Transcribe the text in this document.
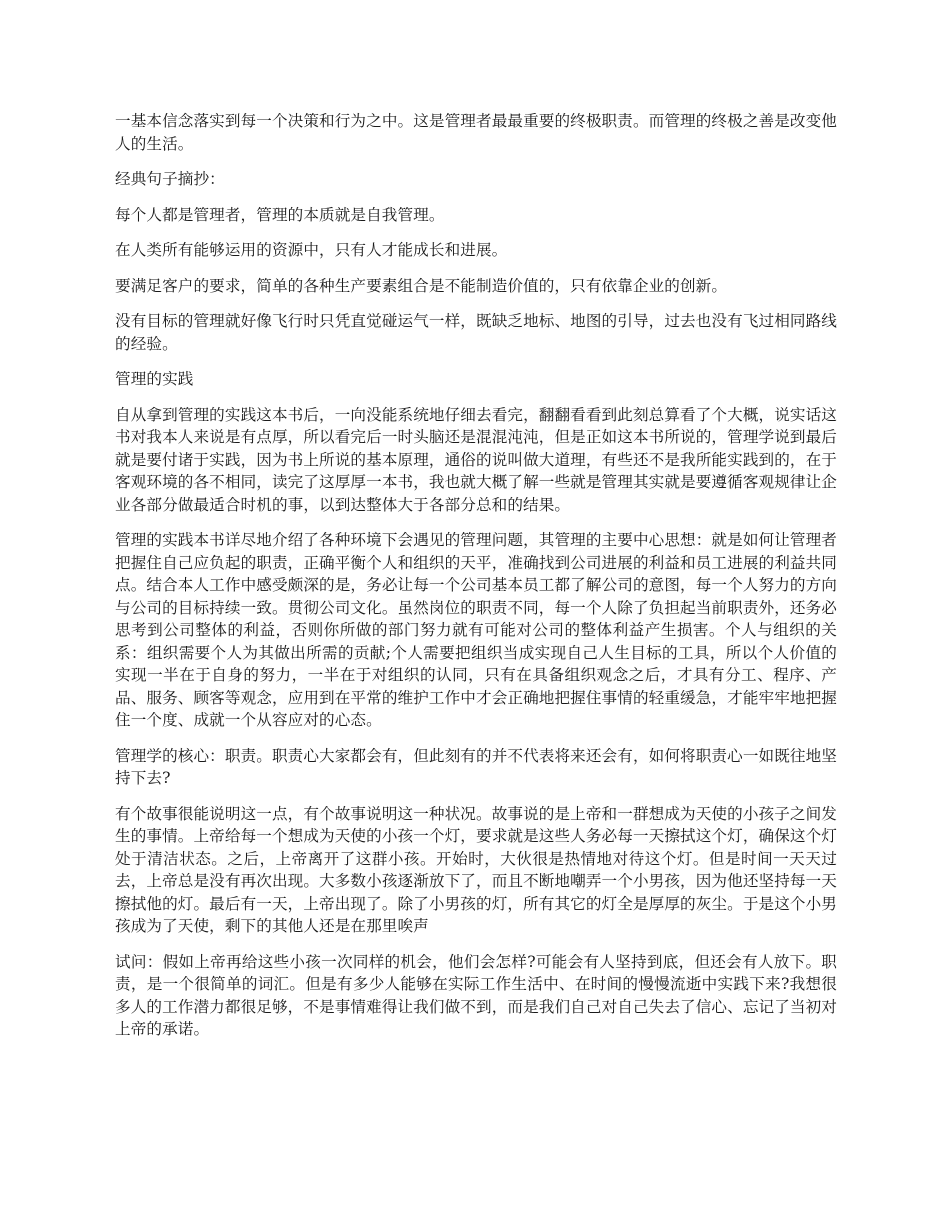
一基本信念落实到每一个决策和行为之中。这是管理者最最重要的终极职责。而管理的终极之善是改变他人的生活。

经典句子摘抄：

每个人都是管理者，管理的本质就是自我管理。

在人类所有能够运用的资源中，只有人才能成长和进展。

要满足客户的要求，简单的各种生产要素组合是不能制造价值的，只有依靠企业的创新。

没有目标的管理就好像飞行时只凭直觉碰运气一样，既缺乏地标、地图的引导，过去也没有飞过相同路线的经验。

管理的实践

自从拿到管理的实践这本书后，一向没能系统地仔细去看完，翻翻看看到此刻总算看了个大概，说实话这书对我本人来说是有点厚，所以看完后一时头脑还是混混沌沌，但是正如这本书所说的，管理学说到最后就是要付诸于实践，因为书上所说的基本原理，通俗的说叫做大道理，有些还不是我所能实践到的，在于客观环境的各不相同，读完了这厚厚一本书，我也就大概了解一些就是管理其实就是要遵循客观规律让企业各部分做最适合时机的事，以到达整体大于各部分总和的结果。

管理的实践本书详尽地介绍了各种环境下会遇见的管理问题，其管理的主要中心思想：就是如何让管理者把握住自己应负起的职责，正确平衡个人和组织的天平，准确找到公司进展的利益和员工进展的利益共同点。结合本人工作中感受颇深的是，务必让每一个公司基本员工都了解公司的意图，每一个人努力的方向与公司的目标持续一致。贯彻公司文化。虽然岗位的职责不同，每一个人除了负担起当前职责外，还务必思考到公司整体的利益，否则你所做的部门努力就有可能对公司的整体利益产生损害。个人与组织的关系：组织需要个人为其做出所需的贡献;个人需要把组织当成实现自己人生目标的工具，所以个人价值的实现一半在于自身的努力，一半在于对组织的认同，只有在具备组织观念之后，才具有分工、程序、产品、服务、顾客等观念，应用到在平常的维护工作中才会正确地把握住事情的轻重缓急，才能牢牢地把握住一个度、成就一个从容应对的心态。

管理学的核心：职责。职责心大家都会有，但此刻有的并不代表将来还会有，如何将职责心一如既往地坚持下去?

有个故事很能说明这一点，有个故事说明这一种状况。故事说的是上帝和一群想成为天使的小孩子之间发生的事情。上帝给每一个想成为天使的小孩一个灯，要求就是这些人务必每一天擦拭这个灯，确保这个灯处于清洁状态。之后，上帝离开了这群小孩。开始时，大伙很是热情地对待这个灯。但是时间一天天过去，上帝总是没有再次出现。大多数小孩逐渐放下了，而且不断地嘲弄一个小男孩，因为他还坚持每一天擦拭他的灯。最后有一天，上帝出现了。除了小男孩的灯，所有其它的灯全是厚厚的灰尘。于是这个小男孩成为了天使，剩下的其他人还是在那里唉声

试问：假如上帝再给这些小孩一次同样的机会，他们会怎样?可能会有人坚持到底，但还会有人放下。职责，是一个很简单的词汇。但是有多少人能够在实际工作生活中、在时间的慢慢流逝中实践下来?我想很多人的工作潜力都很足够，不是事情难得让我们做不到，而是我们自己对自己失去了信心、忘记了当初对上帝的承诺。
